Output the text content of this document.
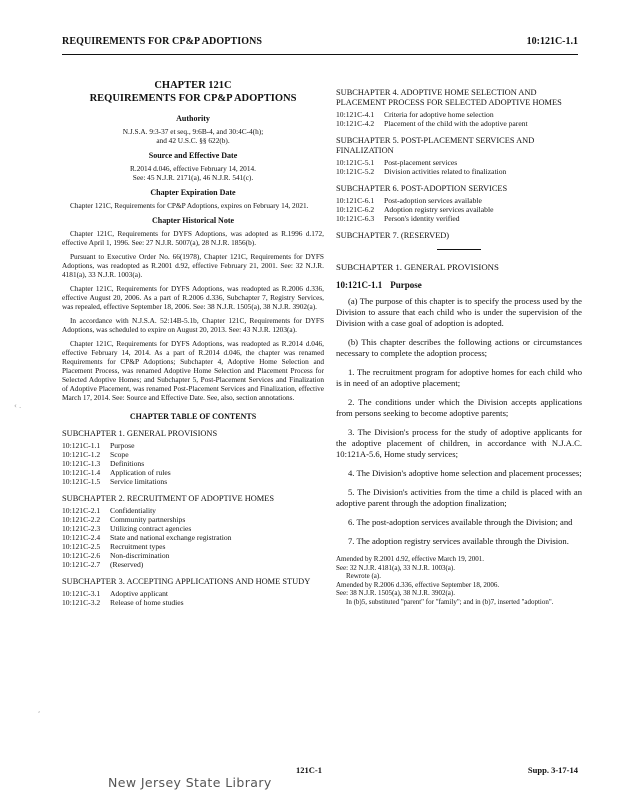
REQUIREMENTS FOR CP&P ADOPTIONS	10:121C-1.1
CHAPTER 121C
REQUIREMENTS FOR CP&P ADOPTIONS
Authority

N.J.S.A. 9:3-37 et seq., 9:6B-4, and 30:4C-4(h);
and 42 U.S.C. §§ 622(b).

Source and Effective Date

R.2014 d.046, effective February 14, 2014.
See: 45 N.J.R. 2171(a), 46 N.J.R. 541(c).

Chapter Expiration Date

Chapter 121C, Requirements for CP&P Adoptions, expires on February 14, 2021.

Chapter Historical Note

Chapter 121C, Requirements for DYFS Adoptions, was adopted as R.1996 d.172, effective April 1, 1996. See: 27 N.J.R. 5007(a), 28 N.J.R. 1856(b).

Pursuant to Executive Order No. 66(1978), Chapter 121C, Requirements for DYFS Adoptions, was readopted as R.2001 d.92, effective February 21, 2001. See: 32 N.J.R. 4181(a), 33 N.J.R. 1003(a).

Chapter 121C, Requirements for DYFS Adoptions, was readopted as R.2006 d.336, effective August 20, 2006. As a part of R.2006 d.336, Subchapter 7, Registry Services, was repealed, effective September 18, 2006. See: 38 N.J.R. 1505(a), 38 N.J.R. 3902(a).

In accordance with N.J.S.A. 52:14B-5.1b, Chapter 121C, Requirements for DYFS Adoptions, was scheduled to expire on August 20, 2013. See: 43 N.J.R. 1203(a).

Chapter 121C, Requirements for DYFS Adoptions, was readopted as R.2014 d.046, effective February 14, 2014. As a part of R.2014 d.046, the chapter was renamed Requirements for CP&P Adoptions; Subchapter 4, Adoptive Home Selection and Placement Process, was renamed Adoptive Home Selection and Placement Process for Selected Adoptive Homes; and Subchapter 5, Post-Placement Services and Finalization of Adoptive Placement, was renamed Post-Placement Services and Finalization, effective March 17, 2014. See: Source and Effective Date. See, also, section annotations.

CHAPTER TABLE OF CONTENTS
SUBCHAPTER 1. GENERAL PROVISIONS
10:121C-1.1	Purpose
10:121C-1.2	Scope
10:121C-1.3	Definitions
10:121C-1.4	Application of rules
10:121C-1.5	Service limitations
SUBCHAPTER 2. RECRUITMENT OF ADOPTIVE HOMES
10:121C-2.1	Confidentiality
10:121C-2.2	Community partnerships
10:121C-2.3	Utilizing contract agencies
10:121C-2.4	State and national exchange registration
10:121C-2.5	Recruitment types
10:121C-2.6	Non-discrimination
10:121C-2.7	(Reserved)
SUBCHAPTER 3. ACCEPTING APPLICATIONS AND HOME STUDY
10:121C-3.1	Adoptive applicant
10:121C-3.2	Release of home studies
SUBCHAPTER 4. ADOPTIVE HOME SELECTION AND PLACEMENT PROCESS FOR SELECTED ADOPTIVE HOMES
10:121C-4.1	Criteria for adoptive home selection
10:121C-4.2	Placement of the child with the adoptive parent
SUBCHAPTER 5. POST-PLACEMENT SERVICES AND FINALIZATION
10:121C-5.1	Post-placement services
10:121C-5.2	Division activities related to finalization
SUBCHAPTER 6. POST-ADOPTION SERVICES
10:121C-6.1	Post-adoption services available
10:121C-6.2	Adoption registry services available
10:121C-6.3	Person's identity verified
SUBCHAPTER 7. (RESERVED)
SUBCHAPTER 1. GENERAL PROVISIONS
10:121C-1.1 Purpose

(a) The purpose of this chapter is to specify the process used by the Division to assure that each child who is under the supervision of the Division with a case goal of adoption is adopted.

(b) This chapter describes the following actions or circumstances necessary to complete the adoption process;

1. The recruitment program for adoptive homes for each child who is in need of an adoptive placement;

2. The conditions under which the Division accepts applications from persons seeking to become adoptive parents;

3. The Division's process for the study of adoptive applicants for the adoptive placement of children, in accordance with N.J.A.C. 10:121A-5.6, Home study services;

4. The Division's adoptive home selection and placement processes;

5. The Division's activities from the time a child is placed with an adoptive parent through the adoption finalization;

6. The post-adoption services available through the Division; and

7. The adoption registry services available through the Division.

Amended by R.2001 d.92, effective March 19, 2001.

See: 32 N.J.R. 4181(a), 33 N.J.R. 1003(a).

Rewrote (a).

Amended by R.2006 d.336, effective September 18, 2006.

See: 38 N.J.R. 1505(a), 38 N.J.R. 3902(a).

In (b)5, substituted "parent" for "family"; and in (b)7, inserted "adoption".

‹ .
,
121C-1	Supp. 3-17-14
New Jersey State Library
